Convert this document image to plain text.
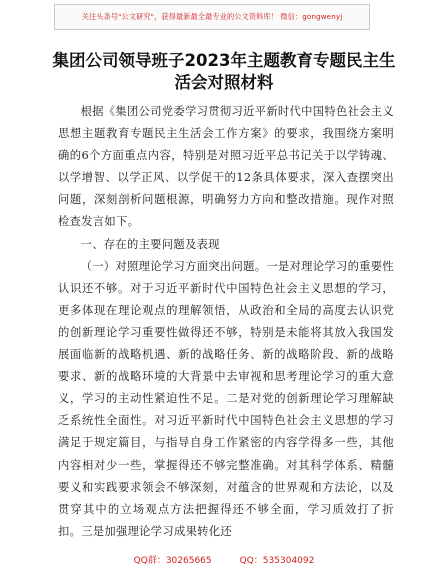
关注头条号"公文研究"，获得最新最全最专业的公文资料库！ 微信：gongwenyj
集团公司领导班子2023年主题教育专题民主生
活会对照材料

根据《集团公司党委学习贯彻习近平新时代中国特色社会主义思想主题教育专题民主生活会工作方案》的要求，我围绕方案明确的6个方面重点内容，特别是对照习近平总书记关于以学铸魂、以学增智、以学正风、以学促干的12条具体要求，深入查摆突出问题，深刻剖析问题根源，明确努力方向和整改措施。现作对照检查发言如下。

一、存在的主要问题及表现

（一）对照理论学习方面突出问题。一是对理论学习的重要性认识还不够。对于习近平新时代中国特色社会主义思想的学习，更多体现在理论观点的理解领悟，从政治和全局的高度去认识党的创新理论学习重要性做得还不够，特别是未能将其放入我国发展面临新的战略机遇、新的战略任务、新的战略阶段、新的战略要求、新的战略环境的大背景中去审视和思考理论学习的重大意义，学习的主动性紧迫性不足。二是对党的创新理论学习理解缺乏系统性全面性。对习近平新时代中国特色社会主义思想的学习满足于规定篇目，与指导自身工作紧密的内容学得多一些，其他内容相对少一些，掌握得还不够完整准确。对其科学体系、精髓要义和实践要求领会不够深刻，对蕴含的世界观和方法论，以及贯穿其中的立场观点方法把握得还不够全面，学习质效打了折扣。三是加强理论学习成果转化还

QQ群：30265665	QQ：535304092
